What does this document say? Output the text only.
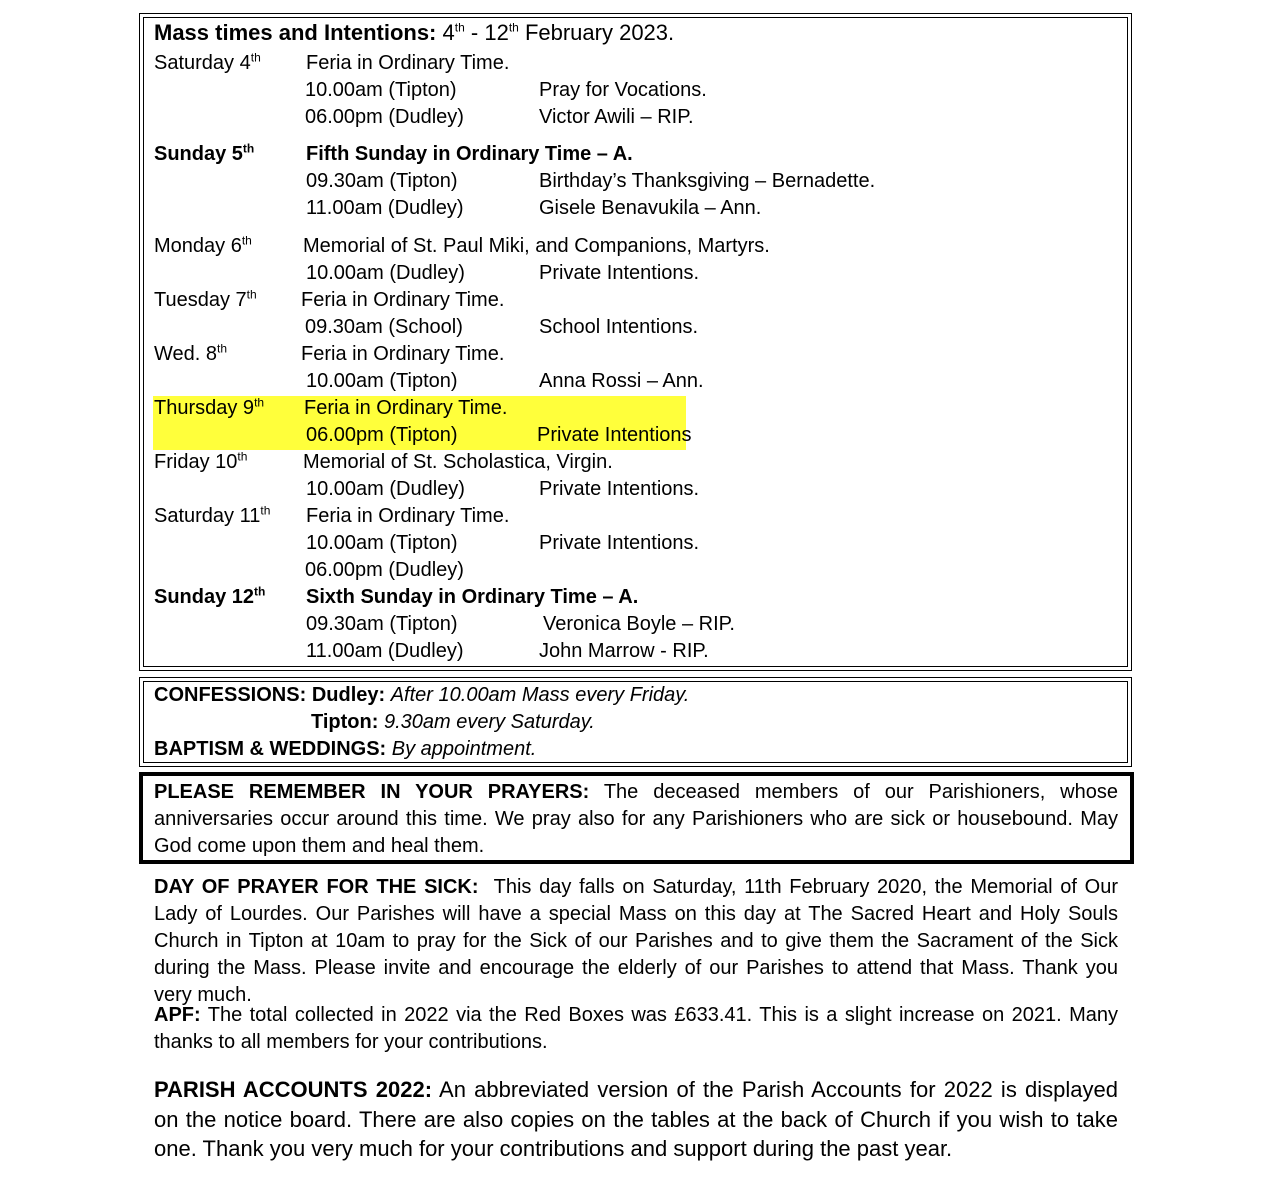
Mass times and Intentions: 4th - 12th February 2023.
Saturday 4th Feria in Ordinary Time.
10.00am (Tipton)	Pray for Vocations.
06.00pm (Dudley)	Victor Awili – RIP.
Sunday 5th	Fifth Sunday in Ordinary Time – A.
09.30am (Tipton)	Birthday’s Thanksgiving – Bernadette.
11.00am (Dudley)	Gisele Benavukila – Ann.
Monday 6th	Memorial of St. Paul Miki, and Companions, Martyrs.
10.00am (Dudley)	Private Intentions.
Tuesday 7th Feria in Ordinary Time.
09.30am (School)	School Intentions.
Wed. 8th	Feria in Ordinary Time.
10.00am (Tipton)	Anna Rossi – Ann.
Thursday 9th Feria in Ordinary Time.
06.00pm (Tipton)	Private Intentions
Friday 10th	Memorial of St. Scholastica, Virgin.
10.00am (Dudley)	Private Intentions.
Saturday 11th Feria in Ordinary Time.
10.00am (Tipton)	Private Intentions.
06.00pm (Dudley)
Sunday 12th Sixth Sunday in Ordinary Time – A.
09.30am (Tipton)	Veronica Boyle – RIP.
11.00am (Dudley)	John Marrow - RIP.
CONFESSIONS: Dudley: After 10.00am Mass every Friday.
Tipton: 9.30am every Saturday.
BAPTISM & WEDDINGS: By appointment.
PLEASE REMEMBER IN YOUR PRAYERS: The deceased members of our Parishioners, whose anniversaries occur around this time. We pray also for any Parishioners who are sick or housebound. May God come upon them and heal them.
DAY OF PRAYER FOR THE SICK: This day falls on Saturday, 11th February 2020, the Memorial of Our Lady of Lourdes. Our Parishes will have a special Mass on this day at The Sacred Heart and Holy Souls Church in Tipton at 10am to pray for the Sick of our Parishes and to give them the Sacrament of the Sick during the Mass. Please invite and encourage the elderly of our Parishes to attend that Mass. Thank you very much.
APF: The total collected in 2022 via the Red Boxes was £633.41. This is a slight increase on 2021. Many thanks to all members for your contributions.
PARISH ACCOUNTS 2022: An abbreviated version of the Parish Accounts for 2022 is displayed on the notice board. There are also copies on the tables at the back of Church if you wish to take one. Thank you very much for your contributions and support during the past year.
